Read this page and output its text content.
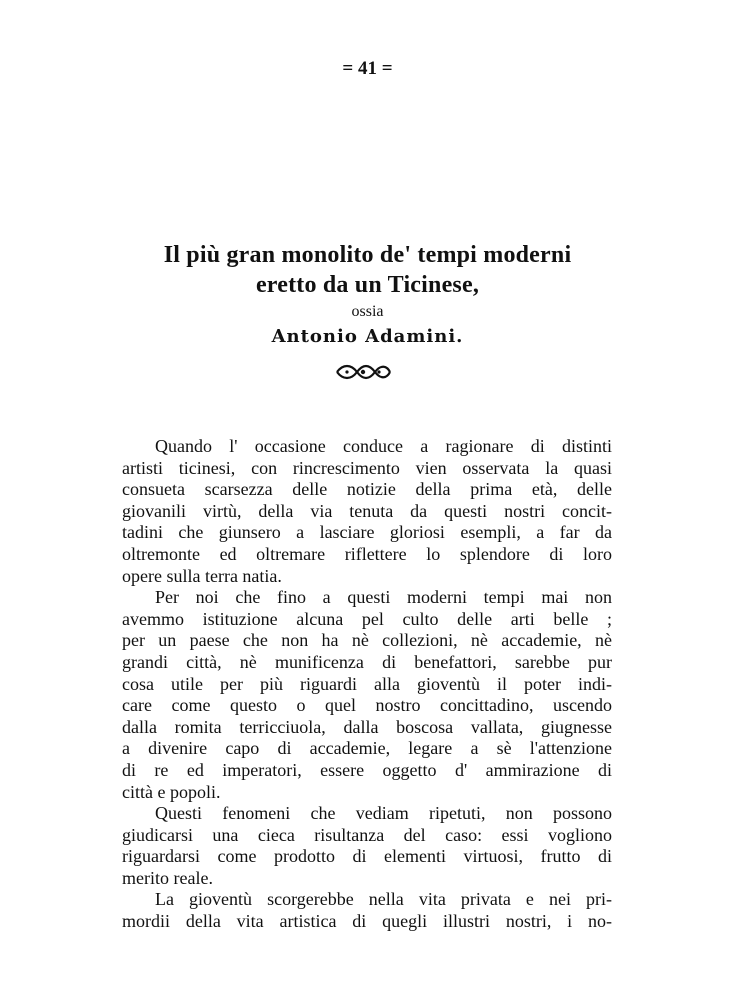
= 41 =
Il più gran monolito de' tempi moderni
eretto da un Ticinese,
ossia
Antonio Adamini.
Quando l' occasione conduce a ragionare di distinti
artisti ticinesi, con rincrescimento vien osservata la quasi
consueta scarsezza delle notizie della prima età, delle
giovanili virtù, della via tenuta da questi nostri concit-
tadini che giunsero a lasciare gloriosi esempli, a far da
oltremonte ed oltremare riflettere lo splendore di loro
opere sulla terra natia.
Per noi che fino a questi moderni tempi mai non
avemmo istituzione alcuna pel culto delle arti belle ;
per un paese che non ha nè collezioni, nè accademie, nè
grandi città, nè munificenza di benefattori, sarebbe pur
cosa utile per più riguardi alla gioventù il poter indi-
care come questo o quel nostro concittadino, uscendo
dalla romita terricciuola, dalla boscosa vallata, giugnesse
a divenire capo di accademie, legare a sè l'attenzione
di re ed imperatori, essere oggetto d' ammirazione di
città e popoli.
Questi fenomeni che vediam ripetuti, non possono
giudicarsi una cieca risultanza del caso: essi vogliono
riguardarsi come prodotto di elementi virtuosi, frutto di
merito reale.
La gioventù scorgerebbe nella vita privata e nei pri-
mordii della vita artistica di quegli illustri nostri, i no-
